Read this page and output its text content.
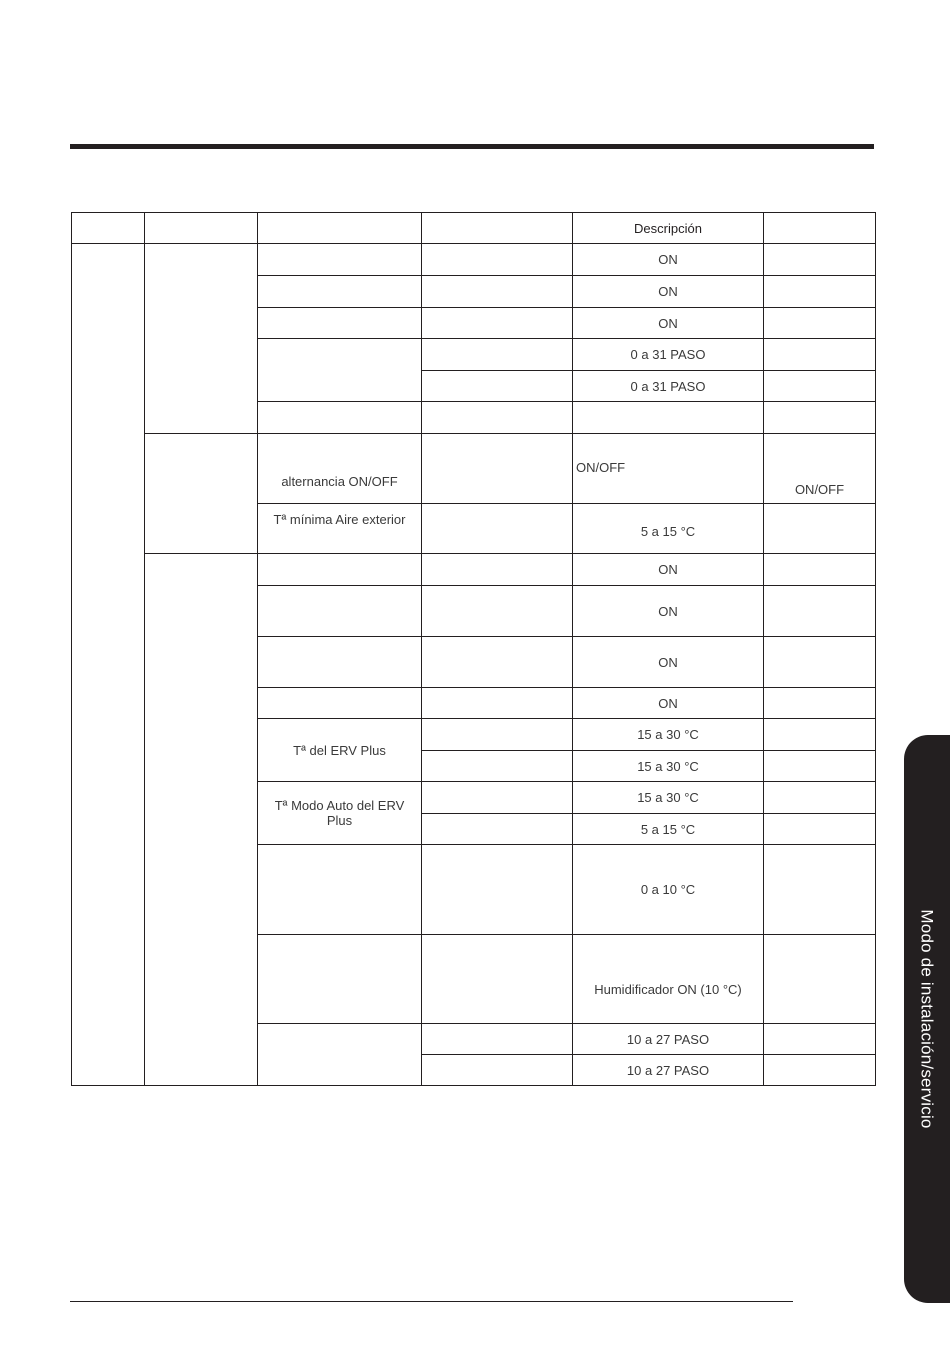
				Descripción	
				ON	
				ON	
				ON	
				0 a 31 PASO	
				0 a 31 PASO	

		alternancia ON/OFF		ON/OFF	ON/OFF
		Tª mínima Aire exterior		5 a 15 °C	
				ON	
				ON	
				ON	
				ON	
		Tª del ERV Plus		15 a 30 °C	
				15 a 30 °C	
		Tª Modo Auto del ERV Plus		15 a 30 °C	
				5 a 15 °C	
				0 a 10 °C	
				Humidificador ON (10 °C)	
				10 a 27 PASO	
				10 a 27 PASO		Modo de instalación/servicio
